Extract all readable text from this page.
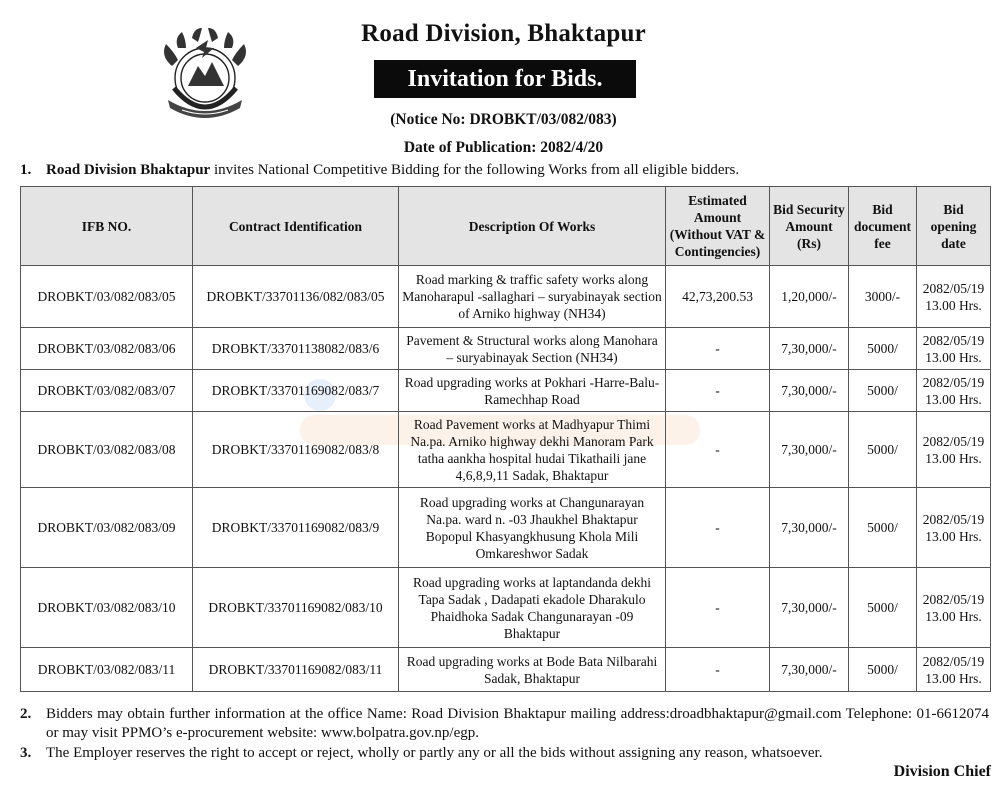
Road Division, Bhaktapur
Invitation for Bids.
(Notice No: DROBKT/03/082/083)
Date of Publication: 2082/4/20
1. Road Division Bhaktapur invites National Competitive Bidding for the following Works from all eligible bidders.
IFB NO.	Contract Identification	Description Of Works	Estimated Amount (Without VAT & Contingencies)	Bid Security Amount (Rs)	Bid document fee	Bid opening date
DROBKT/03/082/083/05	DROBKT/33701136/082/083/05	Road marking & traffic safety works along Manoharapul -sallaghari – suryabinayak section of Arniko highway (NH34)	42,73,200.53	1,20,000/-	3000/-	2082/05/19 13.00 Hrs.
DROBKT/03/082/083/06	DROBKT/33701138082/083/6	Pavement & Structural works along Manohara – suryabinayak Section (NH34)	-	7,30,000/-	5000/	2082/05/19 13.00 Hrs.
DROBKT/03/082/083/07	DROBKT/33701169082/083/7	Road upgrading works at Pokhari -Harre-Balu-Ramechhap Road	-	7,30,000/-	5000/	2082/05/19 13.00 Hrs.
DROBKT/03/082/083/08	DROBKT/33701169082/083/8	Road Pavement works at Madhyapur Thimi Na.pa. Arniko highway dekhi Manoram Park tatha aankha hospital hudai Tikathaili jane 4,6,8,9,11 Sadak, Bhaktapur	-	7,30,000/-	5000/	2082/05/19 13.00 Hrs.
DROBKT/03/082/083/09	DROBKT/33701169082/083/9	Road upgrading works at Changunarayan Na.pa. ward n. -03 Jhaukhel Bhaktapur Bopopul Khasyangkhusung Khola Mili Omkareshwor Sadak	-	7,30,000/-	5000/	2082/05/19 13.00 Hrs.
DROBKT/03/082/083/10	DROBKT/33701169082/083/10	Road upgrading works at laptandanda dekhi Tapa Sadak , Dadapati ekadole Dharakulo Phaidhoka Sadak Changunarayan -09 Bhaktapur	-	7,30,000/-	5000/	2082/05/19 13.00 Hrs.
DROBKT/03/082/083/11	DROBKT/33701169082/083/11	Road upgrading works at Bode Bata Nilbarahi Sadak, Bhaktapur	-	7,30,000/-	5000/	2082/05/19 13.00 Hrs.
2. Bidders may obtain further information at the office Name: Road Division Bhaktapur mailing address:droadbhaktapur@gmail.com Telephone: 01-6612074 or may visit PPMO’s e-procurement website: www.bolpatra.gov.np/egp.
3. The Employer reserves the right to accept or reject, wholly or partly any or all the bids without assigning any reason, whatsoever.
Division Chief
